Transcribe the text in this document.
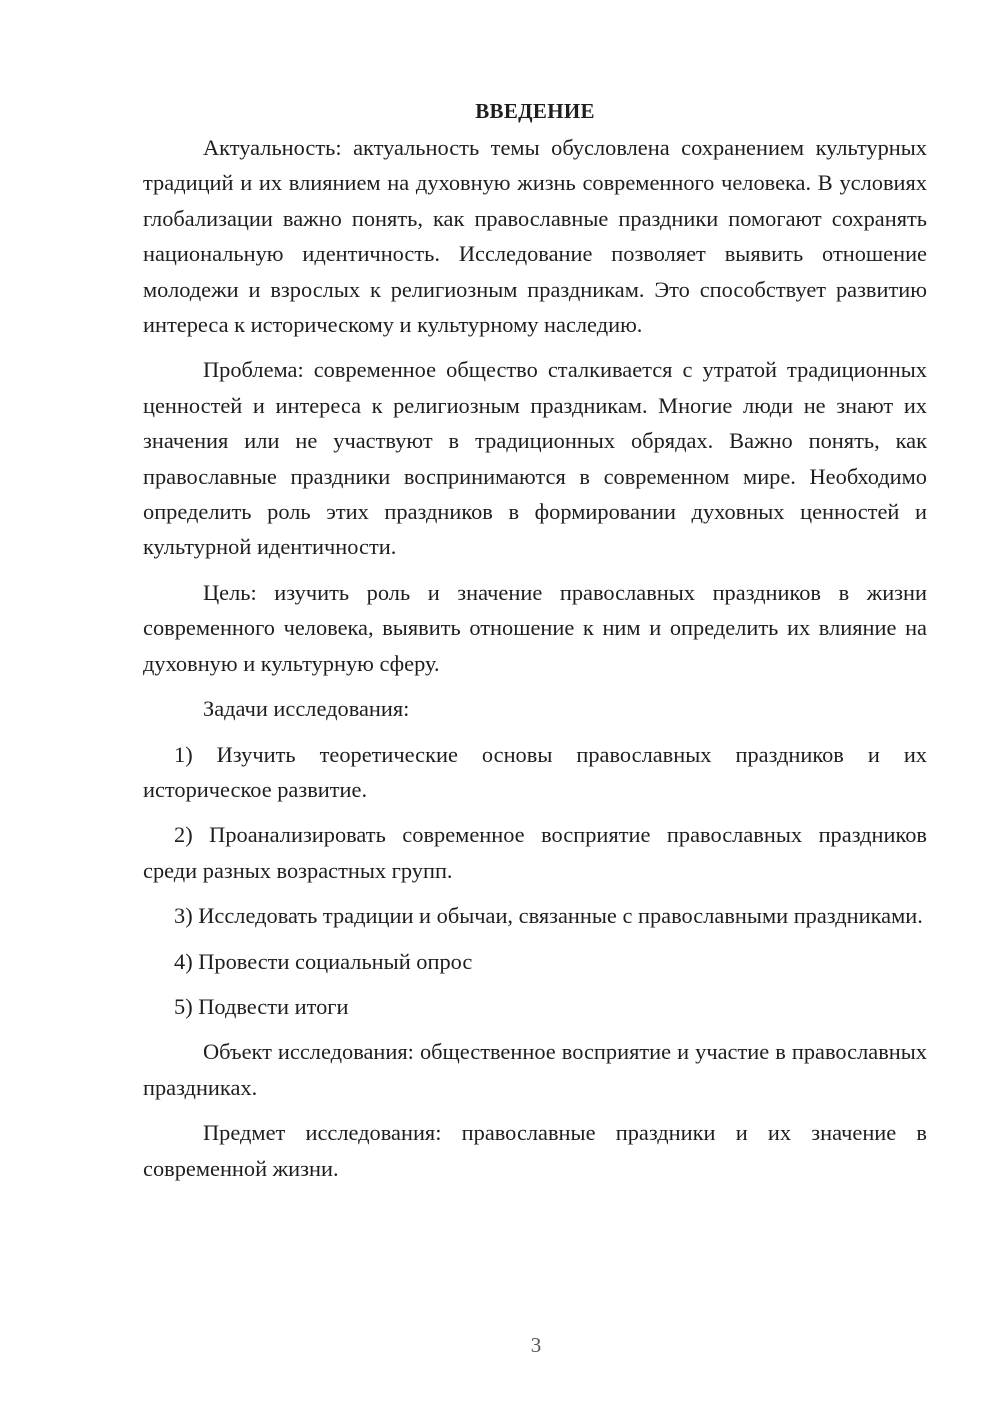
ВВЕДЕНИЕ

Актуальность: актуальность темы обусловлена сохранением культурных традиций и их влиянием на духовную жизнь современного человека. В условиях глобализации важно понять, как православные праздники помогают сохранять национальную идентичность. Исследование позволяет выявить отношение молодежи и взрослых к религиозным праздникам. Это способствует развитию интереса к историческому и культурному наследию.

Проблема: современное общество сталкивается с утратой традиционных ценностей и интереса к религиозным праздникам. Многие люди не знают их значения или не участвуют в традиционных обрядах. Важно понять, как православные праздники воспринимаются в современном мире. Необходимо определить роль этих праздников в формировании духовных ценностей и культурной идентичности.

Цель: изучить роль и значение православных праздников в жизни современного человека, выявить отношение к ним и определить их влияние на духовную и культурную сферу.

Задачи исследования:

1) Изучить теоретические основы православных праздников и их историческое развитие.

2) Проанализировать современное восприятие православных праздников среди разных возрастных групп.

3) Исследовать традиции и обычаи, связанные с православными праздниками.

4) Провести социальный опрос

5) Подвести итоги

Объект исследования: общественное восприятие и участие в православных праздниках.

Предмет исследования: православные праздники и их значение в современной жизни.

3
